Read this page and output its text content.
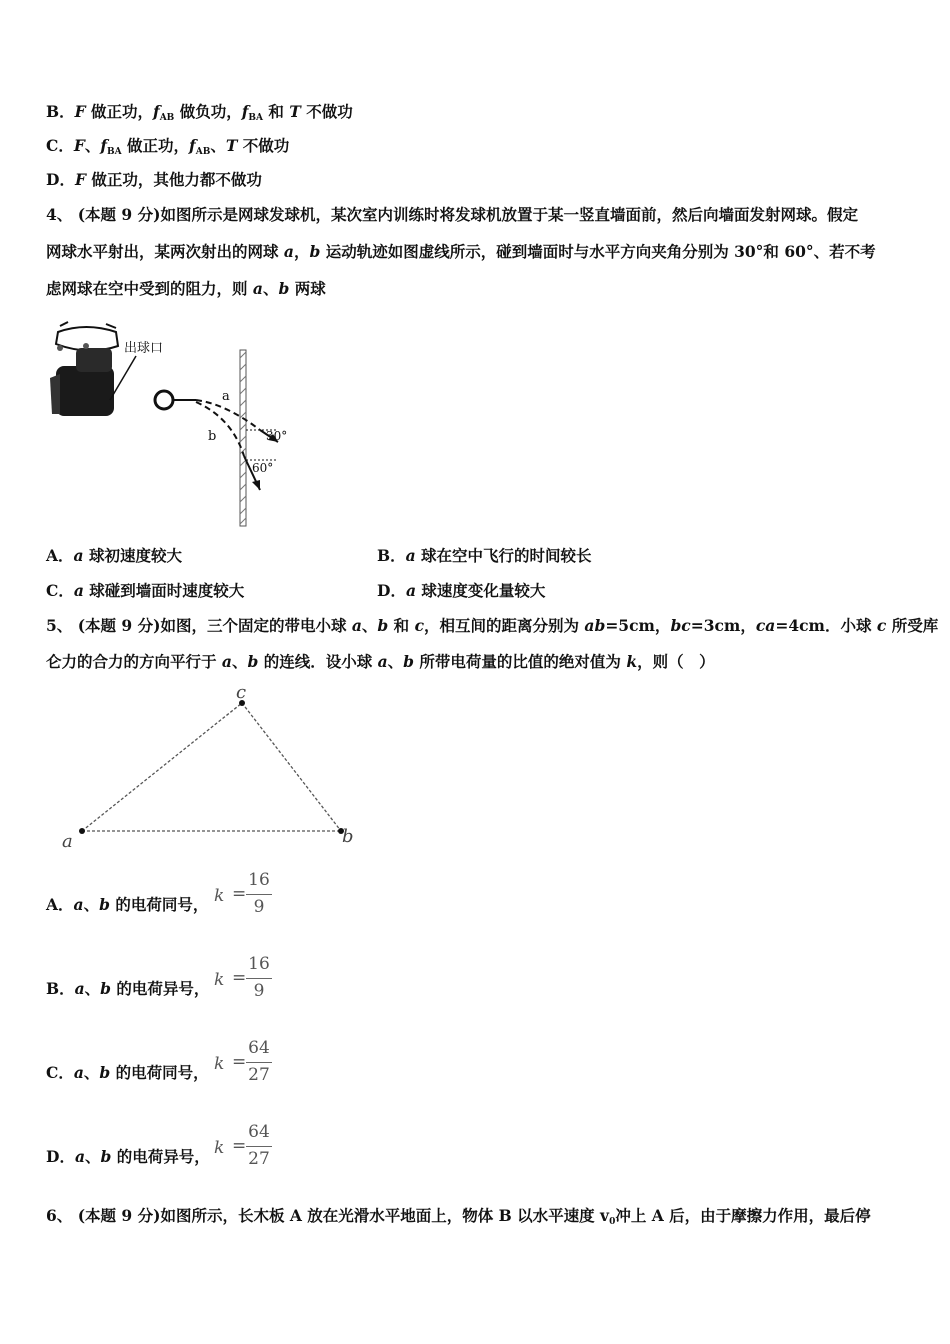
B．F 做正功，$f_{AB}$ 做负功，$f_{BA}$ 和 T 不做功
C．F、$f_{BA}$ 做正功，$f_{AB}$、T 不做功
D．F 做正功，其他力都不做功
4、 (本题 9 分)如图所示是网球发球机，某次室内训练时将发球机放置于某一竖直墙面前，然后向墙面发射网球。假定
网球水平射出，某两次射出的网球 a，b 运动轨迹如图虚线所示，碰到墙面时与水平方向夹角分别为 30°和 60°、若不考
虑网球在空中受到的阻力，则 a、b 两球
出球口
a
b	30°
60°
A．a 球初速度较大	B．a 球在空中飞行的时间较长
C．a 球碰到墙面时速度较大	D．a 球速度变化量较大
5、 (本题 9 分)如图，三个固定的带电小球 a、b 和 c，相互间的距离分别为 ab=5cm，bc=3cm，ca=4cm．小球 c 所受库
仑力的合力的方向平行于 a、b 的连线．设小球 a、b 所带电荷量的比值的绝对值为 k，则（　）
a	b
c
A．a、b 的电荷同号， k =
16
9
B．a、b 的电荷异号， k =
16
9
C．a、b 的电荷同号， k =
64
27
D．a、b 的电荷异号， k =
64
27
6、 (本题 9 分)如图所示，长木板 A 放在光滑水平地面上，物体 B 以水平速度 $v_0$冲上 A 后，由于摩擦力作用，最后停
